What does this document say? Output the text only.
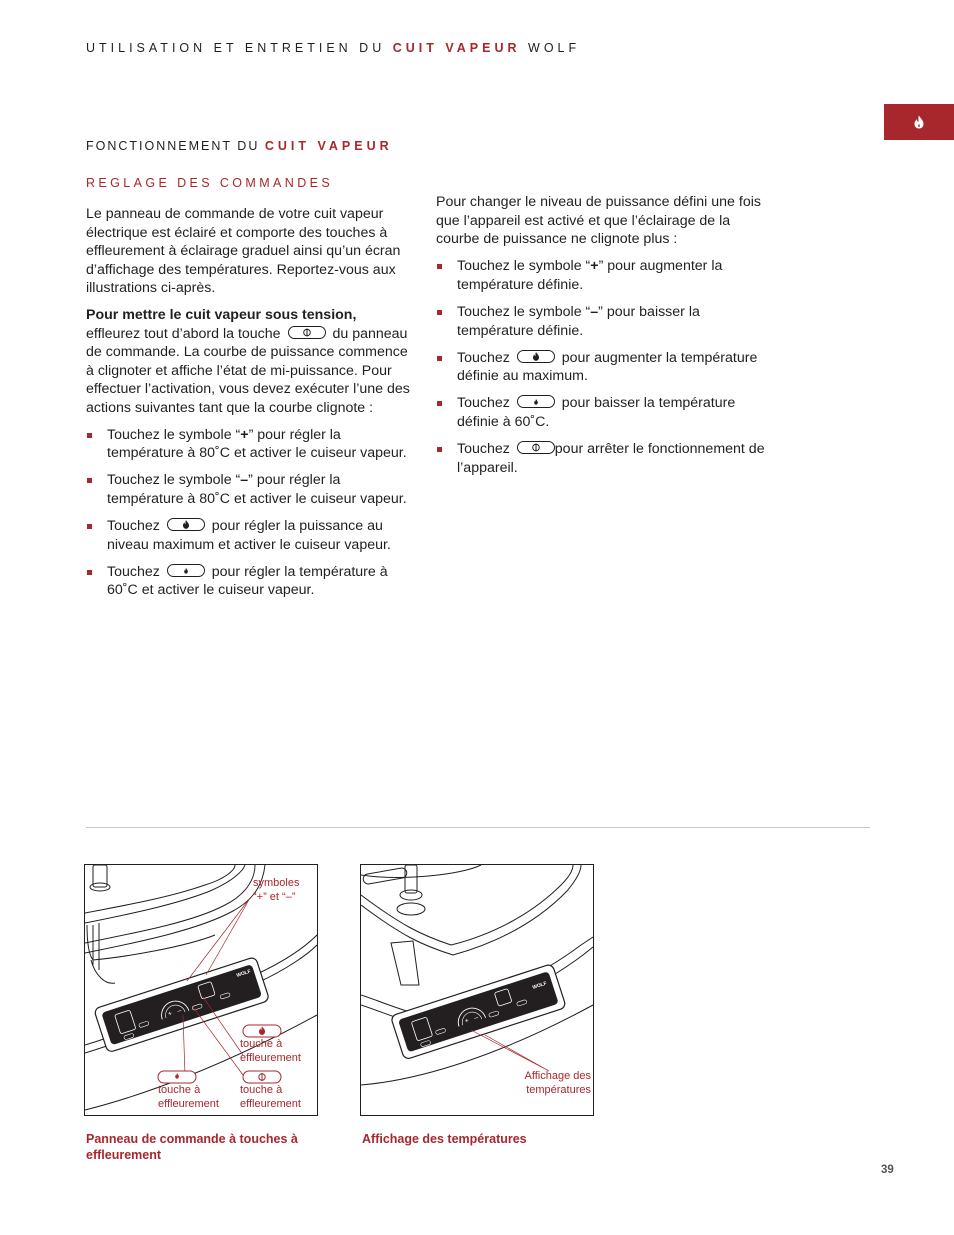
UTILISATION ET ENTRETIEN DU CUIT VAPEUR WOLF
FONCTIONNEMENT DU CUIT VAPEUR
REGLAGE DES COMMANDES

Le panneau de commande de votre cuit vapeur électrique est éclairé et comporte des touches à effleurement à éclairage graduel ainsi qu’un écran d’affichage des températures. Reportez-vous aux illustrations ci-après.

Pour mettre le cuit vapeur sous tension,
effleurez tout d’abord la touche	du panneau de commande. La courbe de puissance commence à clignoter et affiche l’état de mi-puissance. Pour effectuer l’activation, vous devez exécuter l’une des actions suivantes tant que la courbe clignote :

Touchez le symbole “+” pour régler la température à 80˚C et activer le cuiseur vapeur.
Touchez le symbole “–” pour régler la température à 80˚C et activer le cuiseur vapeur.
Touchez	pour régler la puissance au niveau maximum et activer le cuiseur vapeur.
Touchez	pour régler la température à 60˚C et activer le cuiseur vapeur.

Pour changer le niveau de puissance défini une fois que l’appareil est activé et que l’éclairage de la courbe de puissance ne clignote plus :

Touchez le symbole “+” pour augmenter la température définie.
Touchez le symbole “–” pour baisser la température définie.
Touchez	pour augmenter la température définie au maximum.
Touchez	pour baisser la température définie à 60˚C.
Touchez	pour arrêter le fonctionnement de l’appareil.
+ –
WOLF
symboles “+” et “–”
touche à effleurement
touche à effleurement
touche à effleurement
+ –
WOLF
Affichage des températures
Panneau de commande à touches à effleurement
Affichage des températures
39
